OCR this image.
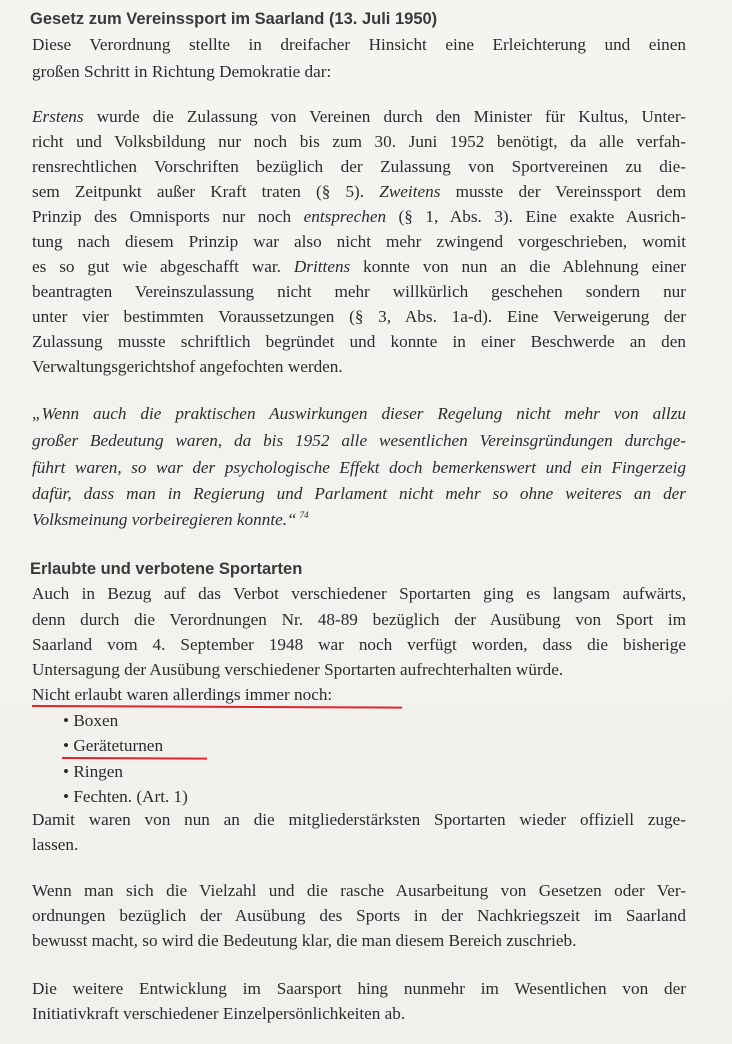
Gesetz zum Vereinssport im Saarland (13. Juli 1950)
Diese Verordnung stellte in dreifacher Hinsicht eine Erleichterung und einen
großen Schritt in Richtung Demokratie dar:
Erstens wurde die Zulassung von Vereinen durch den Minister für Kultus, Unter-
richt und Volksbildung nur noch bis zum 30. Juni 1952 benötigt, da alle verfah-
rensrechtlichen Vorschriften bezüglich der Zulassung von Sportvereinen zu die-
sem Zeitpunkt außer Kraft traten (§ 5). Zweitens musste der Vereinssport dem
Prinzip des Omnisports nur noch entsprechen (§ 1, Abs. 3). Eine exakte Ausrich-
tung nach diesem Prinzip war also nicht mehr zwingend vorgeschrieben, womit
es so gut wie abgeschafft war. Drittens konnte von nun an die Ablehnung einer
beantragten Vereinszulassung nicht mehr willkürlich geschehen sondern nur
unter vier bestimmten Voraussetzungen (§ 3, Abs. 1a-d). Eine Verweigerung der
Zulassung musste schriftlich begründet und konnte in einer Beschwerde an den
Verwaltungsgerichtshof angefochten werden.
„Wenn auch die praktischen Auswirkungen dieser Regelung nicht mehr von allzu
großer Bedeutung waren, da bis 1952 alle wesentlichen Vereinsgründungen durchge-
führt waren, so war der psychologische Effekt doch bemerkenswert und ein Fingerzeig
dafür, dass man in Regierung und Parlament nicht mehr so ohne weiteres an der
Volksmeinung vorbeiregieren konnte.“ $^{74}$
Erlaubte und verbotene Sportarten
Auch in Bezug auf das Verbot verschiedener Sportarten ging es langsam aufwärts,
denn durch die Verordnungen Nr. 48-89 bezüglich der Ausübung von Sport im
Saarland vom 4. September 1948 war noch verfügt worden, dass die bisherige
Untersagung der Ausübung verschiedener Sportarten aufrechterhalten würde.
Nicht erlaubt waren allerdings immer noch:
• Boxen
• Geräteturnen
• Ringen
• Fechten. (Art. 1)
Damit waren von nun an die mitgliederstärksten Sportarten wieder offiziell zuge-
lassen.
Wenn man sich die Vielzahl und die rasche Ausarbeitung von Gesetzen oder Ver-
ordnungen bezüglich der Ausübung des Sports in der Nachkriegszeit im Saarland
bewusst macht, so wird die Bedeutung klar, die man diesem Bereich zuschrieb.
Die weitere Entwicklung im Saarsport hing nunmehr im Wesentlichen von der
Initiativkraft verschiedener Einzelpersönlichkeiten ab.
